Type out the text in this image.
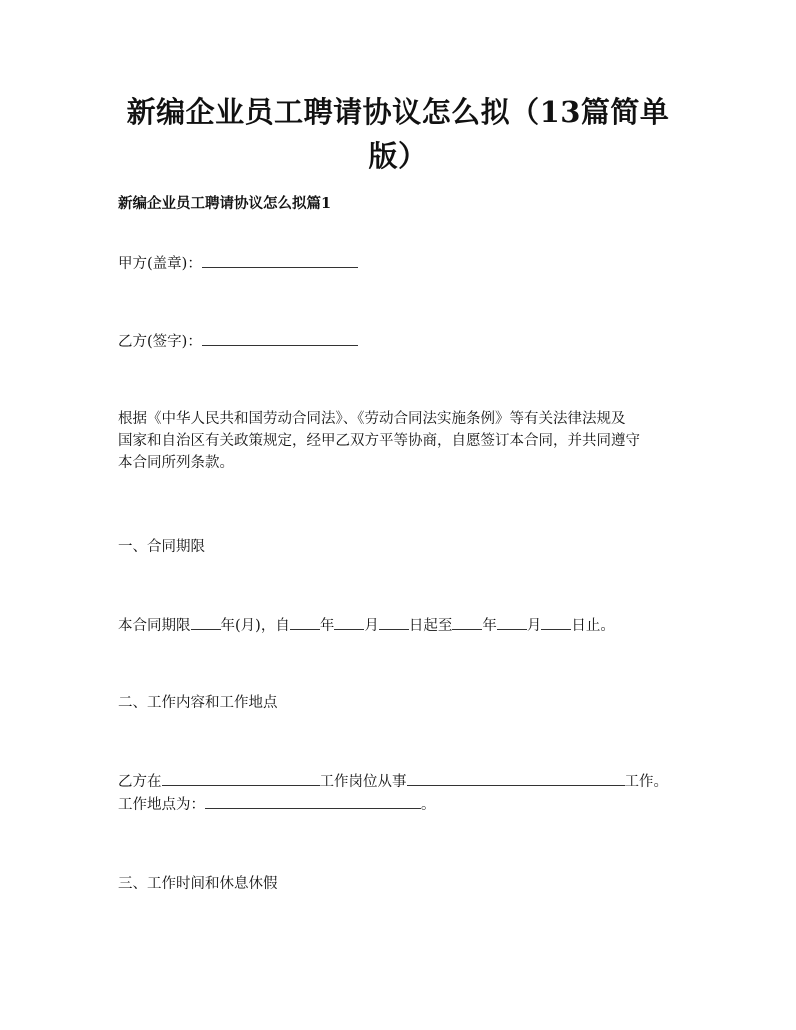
新编企业员工聘请协议怎么拟（13篇简单
版）
新编企业员工聘请协议怎么拟篇1
甲方(盖章)：
乙方(签字)：
根据《中华人民共和国劳动合同法》、《劳动合同法实施条例》等有关法律法规及
国家和自治区有关政策规定，经甲乙双方平等协商，自愿签订本合同，并共同遵守
本合同所列条款。
一、合同期限
本合同期限 年(月)，自 年 月 日起至 年 月 日止。
二、工作内容和工作地点
乙方在	工作岗位从事	工作。
工作地点为：	。
三、工作时间和休息休假
